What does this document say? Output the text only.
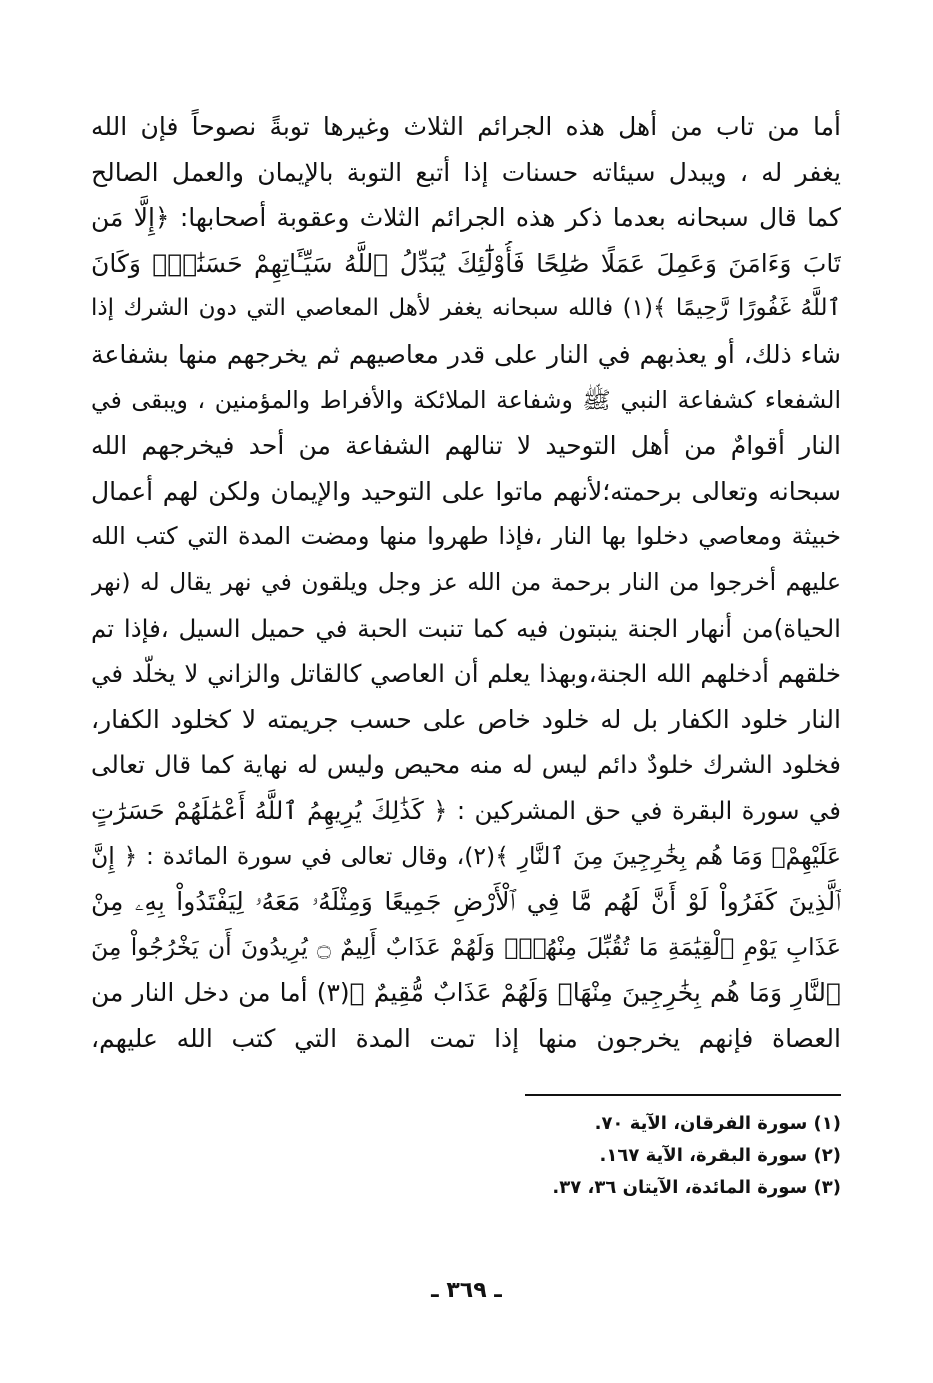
أما من تاب من أهل هذه الجرائم الثلاث وغيرها توبةً نصوحاً فإن الله
يغفر له ، ويبدل سيئاته حسنات إذا أتبع التوبة بالإيمان والعمل الصالح
كما قال سبحانه بعدما ذكر هذه الجرائم الثلاث وعقوبة أصحابها: ﴿إِلَّا مَن
تَابَ وَءَامَنَ وَعَمِلَ عَمَلًا صَٰلِحًا فَأُوْلَٰٓئِكَ يُبَدِّلُ ٱللَّهُ سَيِّـَٔاتِهِمْ حَسَنَٰتٍۗ وَكَانَ
ٱللَّهُ غَفُورًا رَّحِيمًا ﴾(١) فالله سبحانه يغفر لأهل المعاصي التي دون الشرك إذا
شاء ذلك، أو يعذبهم في النار على قدر معاصيهم ثم يخرجهم منها بشفاعة
الشفعاء كشفاعة النبي ﷺ وشفاعة الملائكة والأفراط والمؤمنين ، ويبقى في
النار أقوامٌ من أهل التوحيد لا تنالهم الشفاعة من أحد فيخرجهم الله
سبحانه وتعالى برحمته؛لأنهم ماتوا على التوحيد والإيمان ولكن لهم أعمال
خبيثة ومعاصي دخلوا بها النار ،فإذا طهروا منها ومضت المدة التي كتب الله
عليهم أخرجوا من النار برحمة من الله عز وجل ويلقون في نهر يقال له (نهر
الحياة)من أنهار الجنة ينبتون فيه كما تنبت الحبة في حميل السيل ،فإذا تم
خلقهم أدخلهم الله الجنة،وبهذا يعلم أن العاصي كالقاتل والزاني لا يخلّد في
النار خلود الكفار بل له خلود خاص على حسب جريمته لا كخلود الكفار،
فخلود الشرك خلودٌ دائم ليس له منه محيص وليس له نهاية كما قال تعالى
في سورة البقرة في حق المشركين : ﴿ كَذَٰلِكَ يُرِيهِمُ ٱللَّهُ أَعْمَٰلَهُمْ حَسَرَٰتٍ
عَلَيْهِمْۖ وَمَا هُم بِخَٰرِجِينَ مِنَ ٱلنَّارِ ﴾(٢)، وقال تعالى في سورة المائدة : ﴿ إِنَّ
ٱلَّذِينَ كَفَرُواْ لَوْ أَنَّ لَهُم مَّا فِي ٱلْأَرْضِ جَمِيعًا وَمِثْلَهُۥ مَعَهُۥ لِيَفْتَدُواْ بِهِۦ مِنْ
عَذَابِ يَوْمِ ٱلْقِيَٰمَةِ مَا تُقُبِّلَ مِنْهُمْۖ وَلَهُمْ عَذَابٌ أَلِيمٌ ۝ يُرِيدُونَ أَن يَخْرُجُواْ مِنَ
ٱلنَّارِ وَمَا هُم بِخَٰرِجِينَ مِنْهَاۖ وَلَهُمْ عَذَابٌ مُّقِيمٌ ﴾(٣) أما من دخل النار من
العصاة فإنهم يخرجون منها إذا تمت المدة التي كتب الله عليهم،
(١) سورة الفرقان، الآية ٧٠.
(٢) سورة البقرة، الآية ١٦٧.
(٣) سورة المائدة، الآيتان ٣٦، ٣٧.
ـ ٣٦٩ ـ
